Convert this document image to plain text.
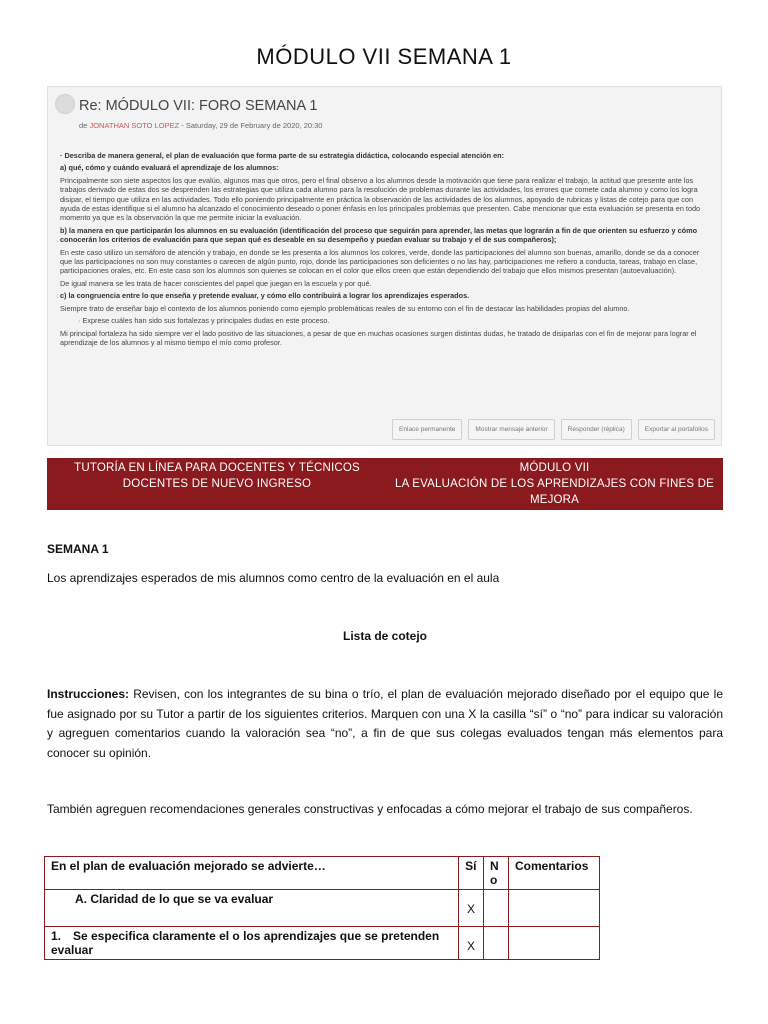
MÓDULO VII SEMANA 1
Re: MÓDULO VII: FORO SEMANA 1
de JONATHAN SOTO LOPEZ - Saturday, 29 de February de 2020, 20:30

· Describa de manera general, el plan de evaluación que forma parte de su estrategia didáctica, colocando especial atención en:

a) qué, cómo y cuándo evaluará el aprendizaje de los alumnos:

Principalmente son siete aspectos los que evalúo, algunos mas que otros, pero el final observo a los alumnos desde la motivación que tiene para realizar el trabajo, la actitud que presente ante los trabajos derivado de estas dos se desprenden las estrategias que utiliza cada alumno para la resolución de problemas durante las actividades, los errores que comete cada alumno y como los logra disipar, el tiempo que utiliza en las actividades. Todo ello poniendo principalmente en práctica la observación de las actividades de los alumnos, apoyado de rubricas y listas de cotejo para que con ayuda de estas identifique si el alumno ha alcanzado el conocimiento deseado o poner énfasis en los principales problemas que presenten. Cabe mencionar que esta evaluación se presenta en todo momento ya que es la observación la que me permite iniciar la evaluación.

b) la manera en que participarán los alumnos en su evaluación (identificación del proceso que seguirán para aprender, las metas que lograrán a fin de que orienten su esfuerzo y cómo conocerán los criterios de evaluación para que sepan qué es deseable en su desempeño y puedan evaluar su trabajo y el de sus compañeros);

En este caso utilizo un semáforo de atención y trabajo, en donde se les presenta a los alumnos los colores, verde, donde las participaciones del alumno son buenas, amarillo, donde se da a conocer que las participaciones no son muy constantes o carecen de algún punto, rojo, donde las participaciones son deficientes o no las hay, participaciones me refiero a conducta, tareas, trabajo en clase, participaciones orales, etc. En este caso son los alumnos son quienes se colocan en el color que ellos creen que están dependiendo del trabajo que ellos mismos presentan (autoevaluación).

De igual manera se les trata de hacer conscientes del papel que juegan en la escuela y por qué.

c) la congruencia entre lo que enseña y pretende evaluar, y cómo ello contribuirá a lograr los aprendizajes esperados.

Siempre trato de enseñar bajo el contexto de los alumnos poniendo como ejemplo problemáticas reales de su entorno con el fin de destacar las habilidades propias del alumno.

· Exprese cuáles han sido sus fortalezas y principales dudas en este proceso.

Mi principal fortaleza ha sido siempre ver el lado positivo de las situaciones, a pesar de que en muchas ocasiones surgen distintas dudas, he tratado de disiparlas con el fin de mejorar para lograr el aprendizaje de los alumnos y al mismo tiempo el mío como profesor.

Enlace permanente	Mostrar mensaje anterior	Responder (réplica)	Exportar al portafolios
TUTORÍA EN LÍNEA PARA DOCENTES Y TÉCNICOS
DOCENTES DE NUEVO INGRESO
MÓDULO VII
LA EVALUACIÓN DE LOS APRENDIZAJES CON FINES DE MEJORA
SEMANA 1
Los aprendizajes esperados de mis alumnos como centro de la evaluación en el aula
Lista de cotejo
Instrucciones: Revisen, con los integrantes de su bina o trío, el plan de evaluación mejorado diseñado por el equipo que le fue asignado por su Tutor a partir de los siguientes criterios. Marquen con una X la casilla “sí” o “no” para indicar su valoración y agreguen comentarios cuando la valoración sea “no”, a fin de que sus colegas evaluados tengan más elementos para conocer su opinión.
También agreguen recomendaciones generales constructivas y enfocadas a cómo mejorar el trabajo de sus compañeros.
En el plan de evaluación mejorado se advierte…	Sí	N o	Comentarios
A. Claridad de lo que se va evaluar	X		
1. Se especifica claramente el o los aprendizajes que se pretenden evaluar	X		
